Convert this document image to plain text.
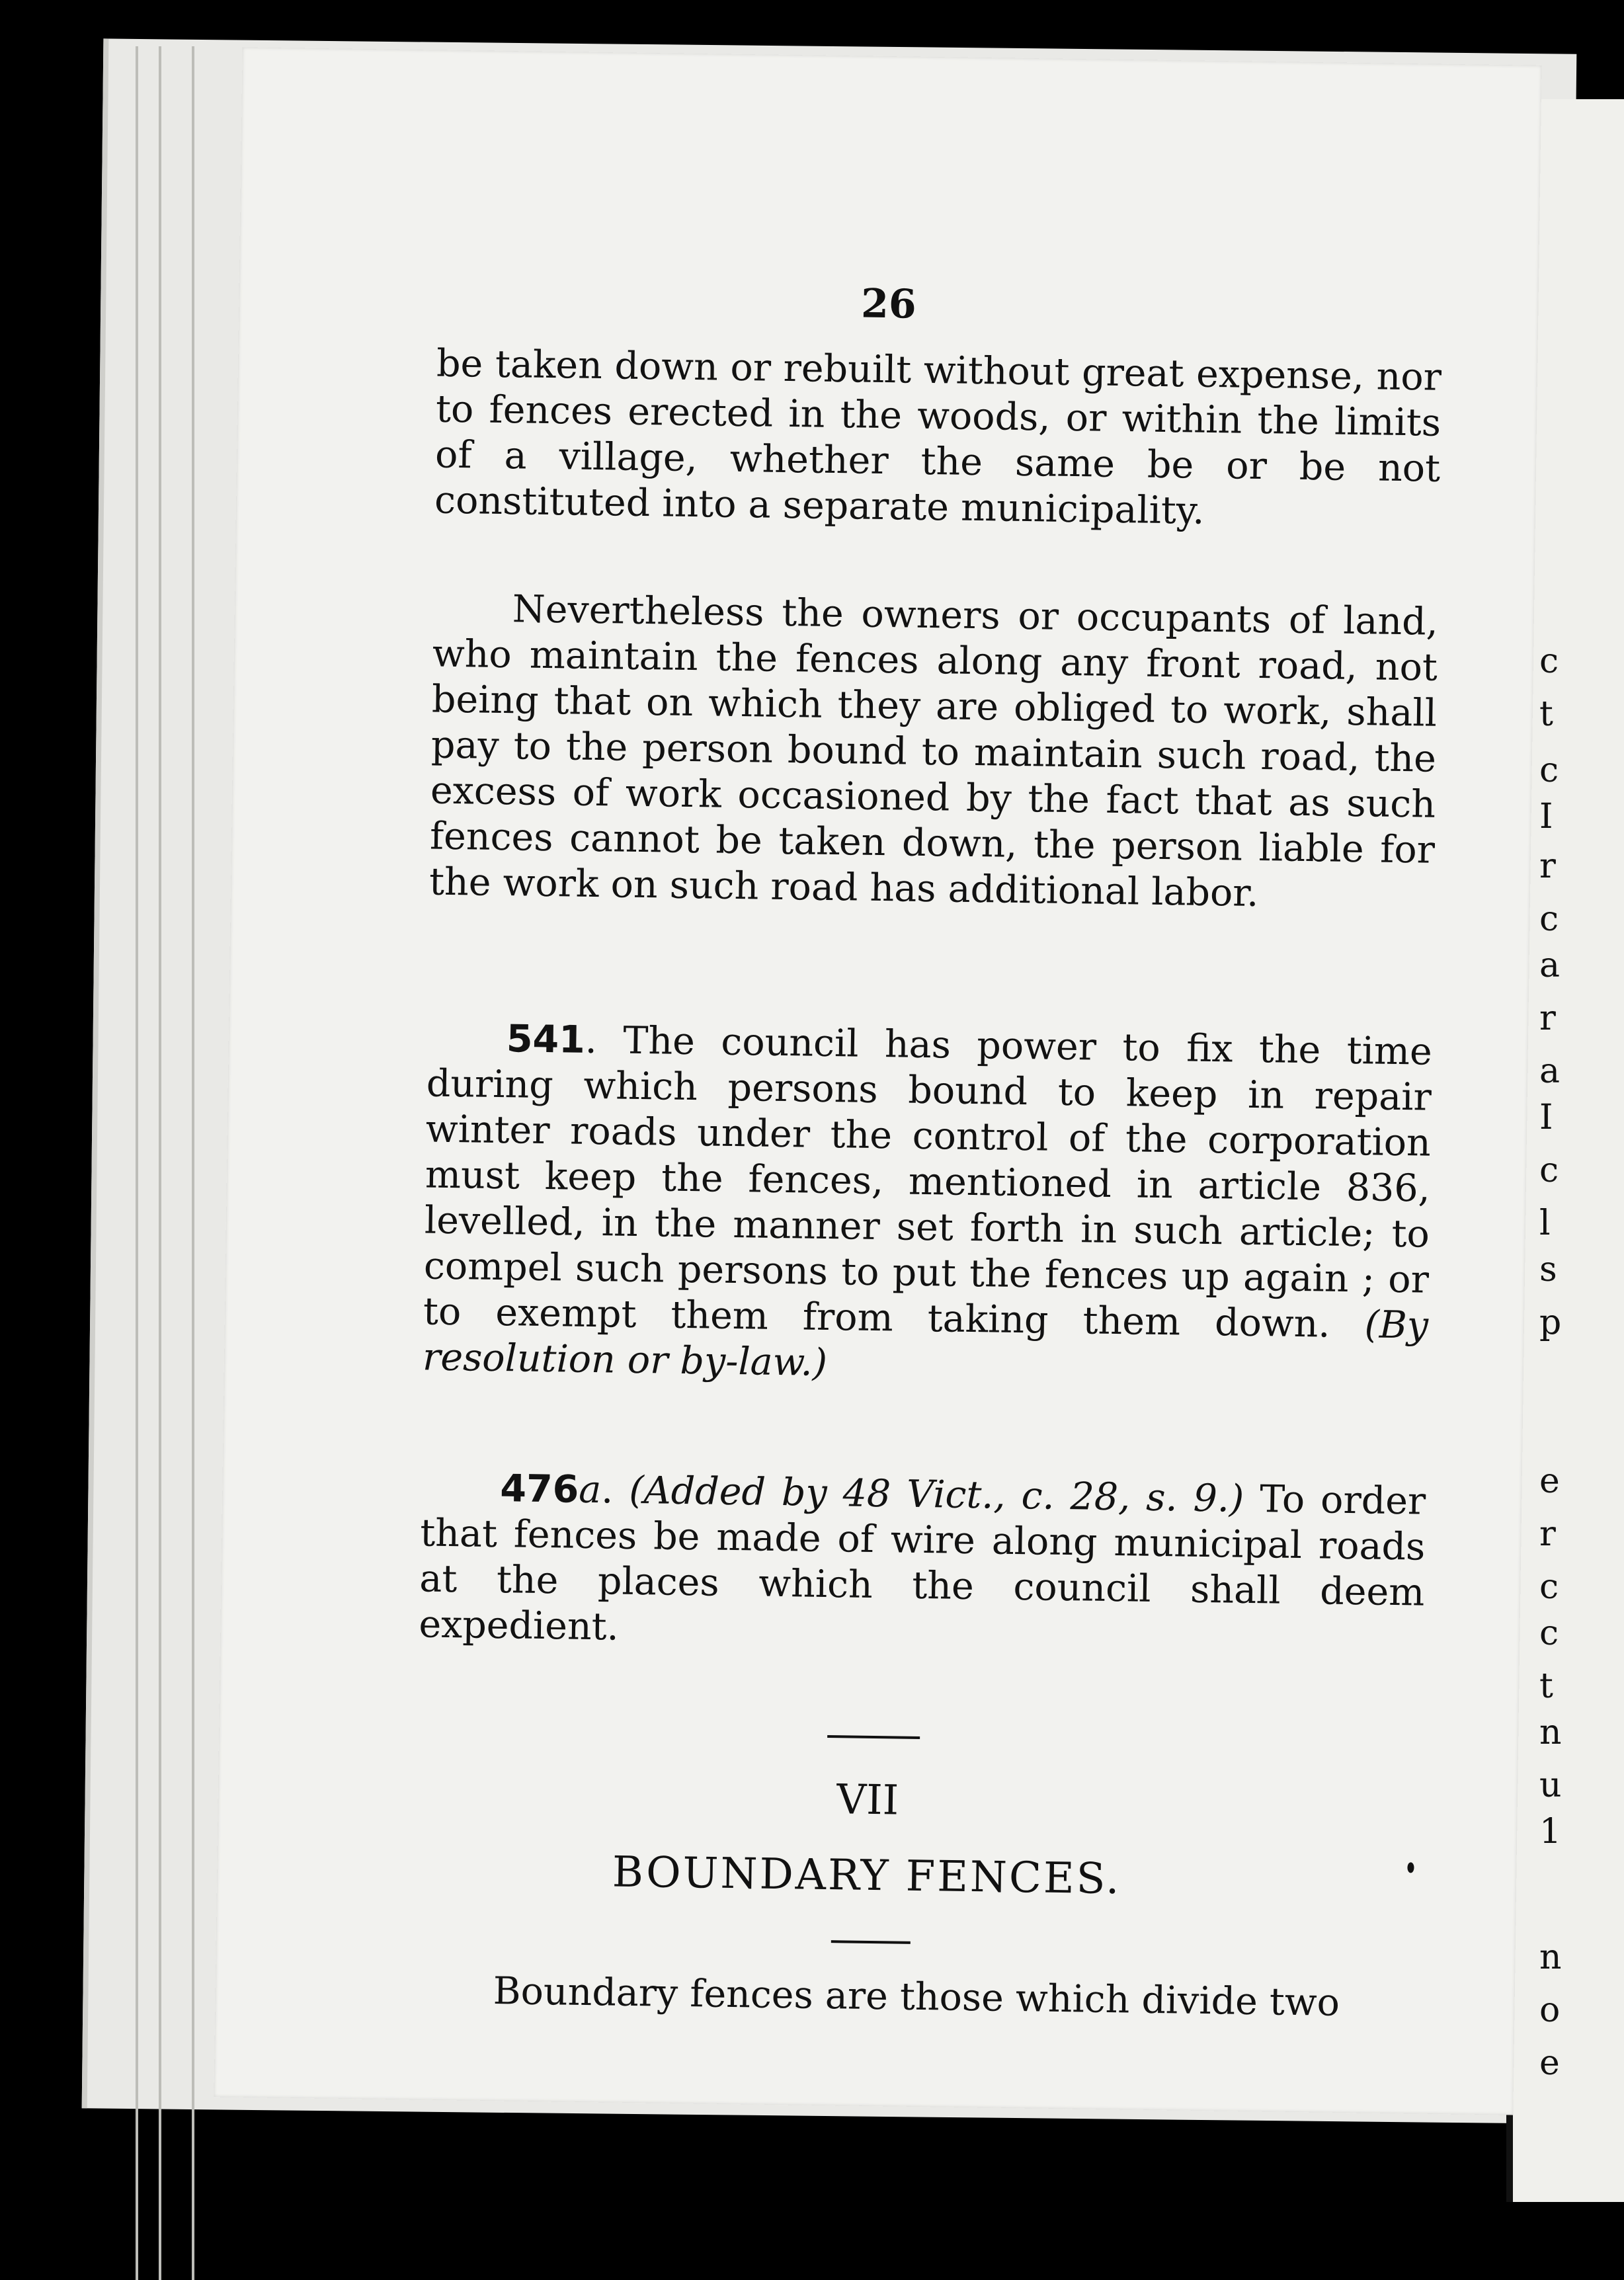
c
t
c
I
r
c
a
r
a
I
c
l
s
p
e
r
c
c
t
n
u
1
n
o
e
26

be taken down or rebuilt without great expense, nor to fences erected in the woods, or within the limits of a village, whether the same be or be not constituted into a separate municipality.

Nevertheless the owners or occupants of land, who maintain the fences along any front road, not being that on which they are obliged to work, shall pay to the person bound to maintain such road, the excess of work occasioned by the fact that as such fences cannot be taken down, the person liable for the work on such road has additional labor.

541. The council has power to fix the time during which persons bound to keep in repair winter roads under the control of the corporation must keep the fences, mentioned in article 836, levelled, in the manner set forth in such article; to compel such persons to put the fences up again ; or to exempt them from taking them down. (By resolution or by-law.)

476a. (Added by 48 Vict., c. 28, s. 9.) To order that fences be made of wire along municipal roads at the places which the council shall deem expedient.

VII
BOUNDARY FENCES.

Boundary fences are those which divide two
